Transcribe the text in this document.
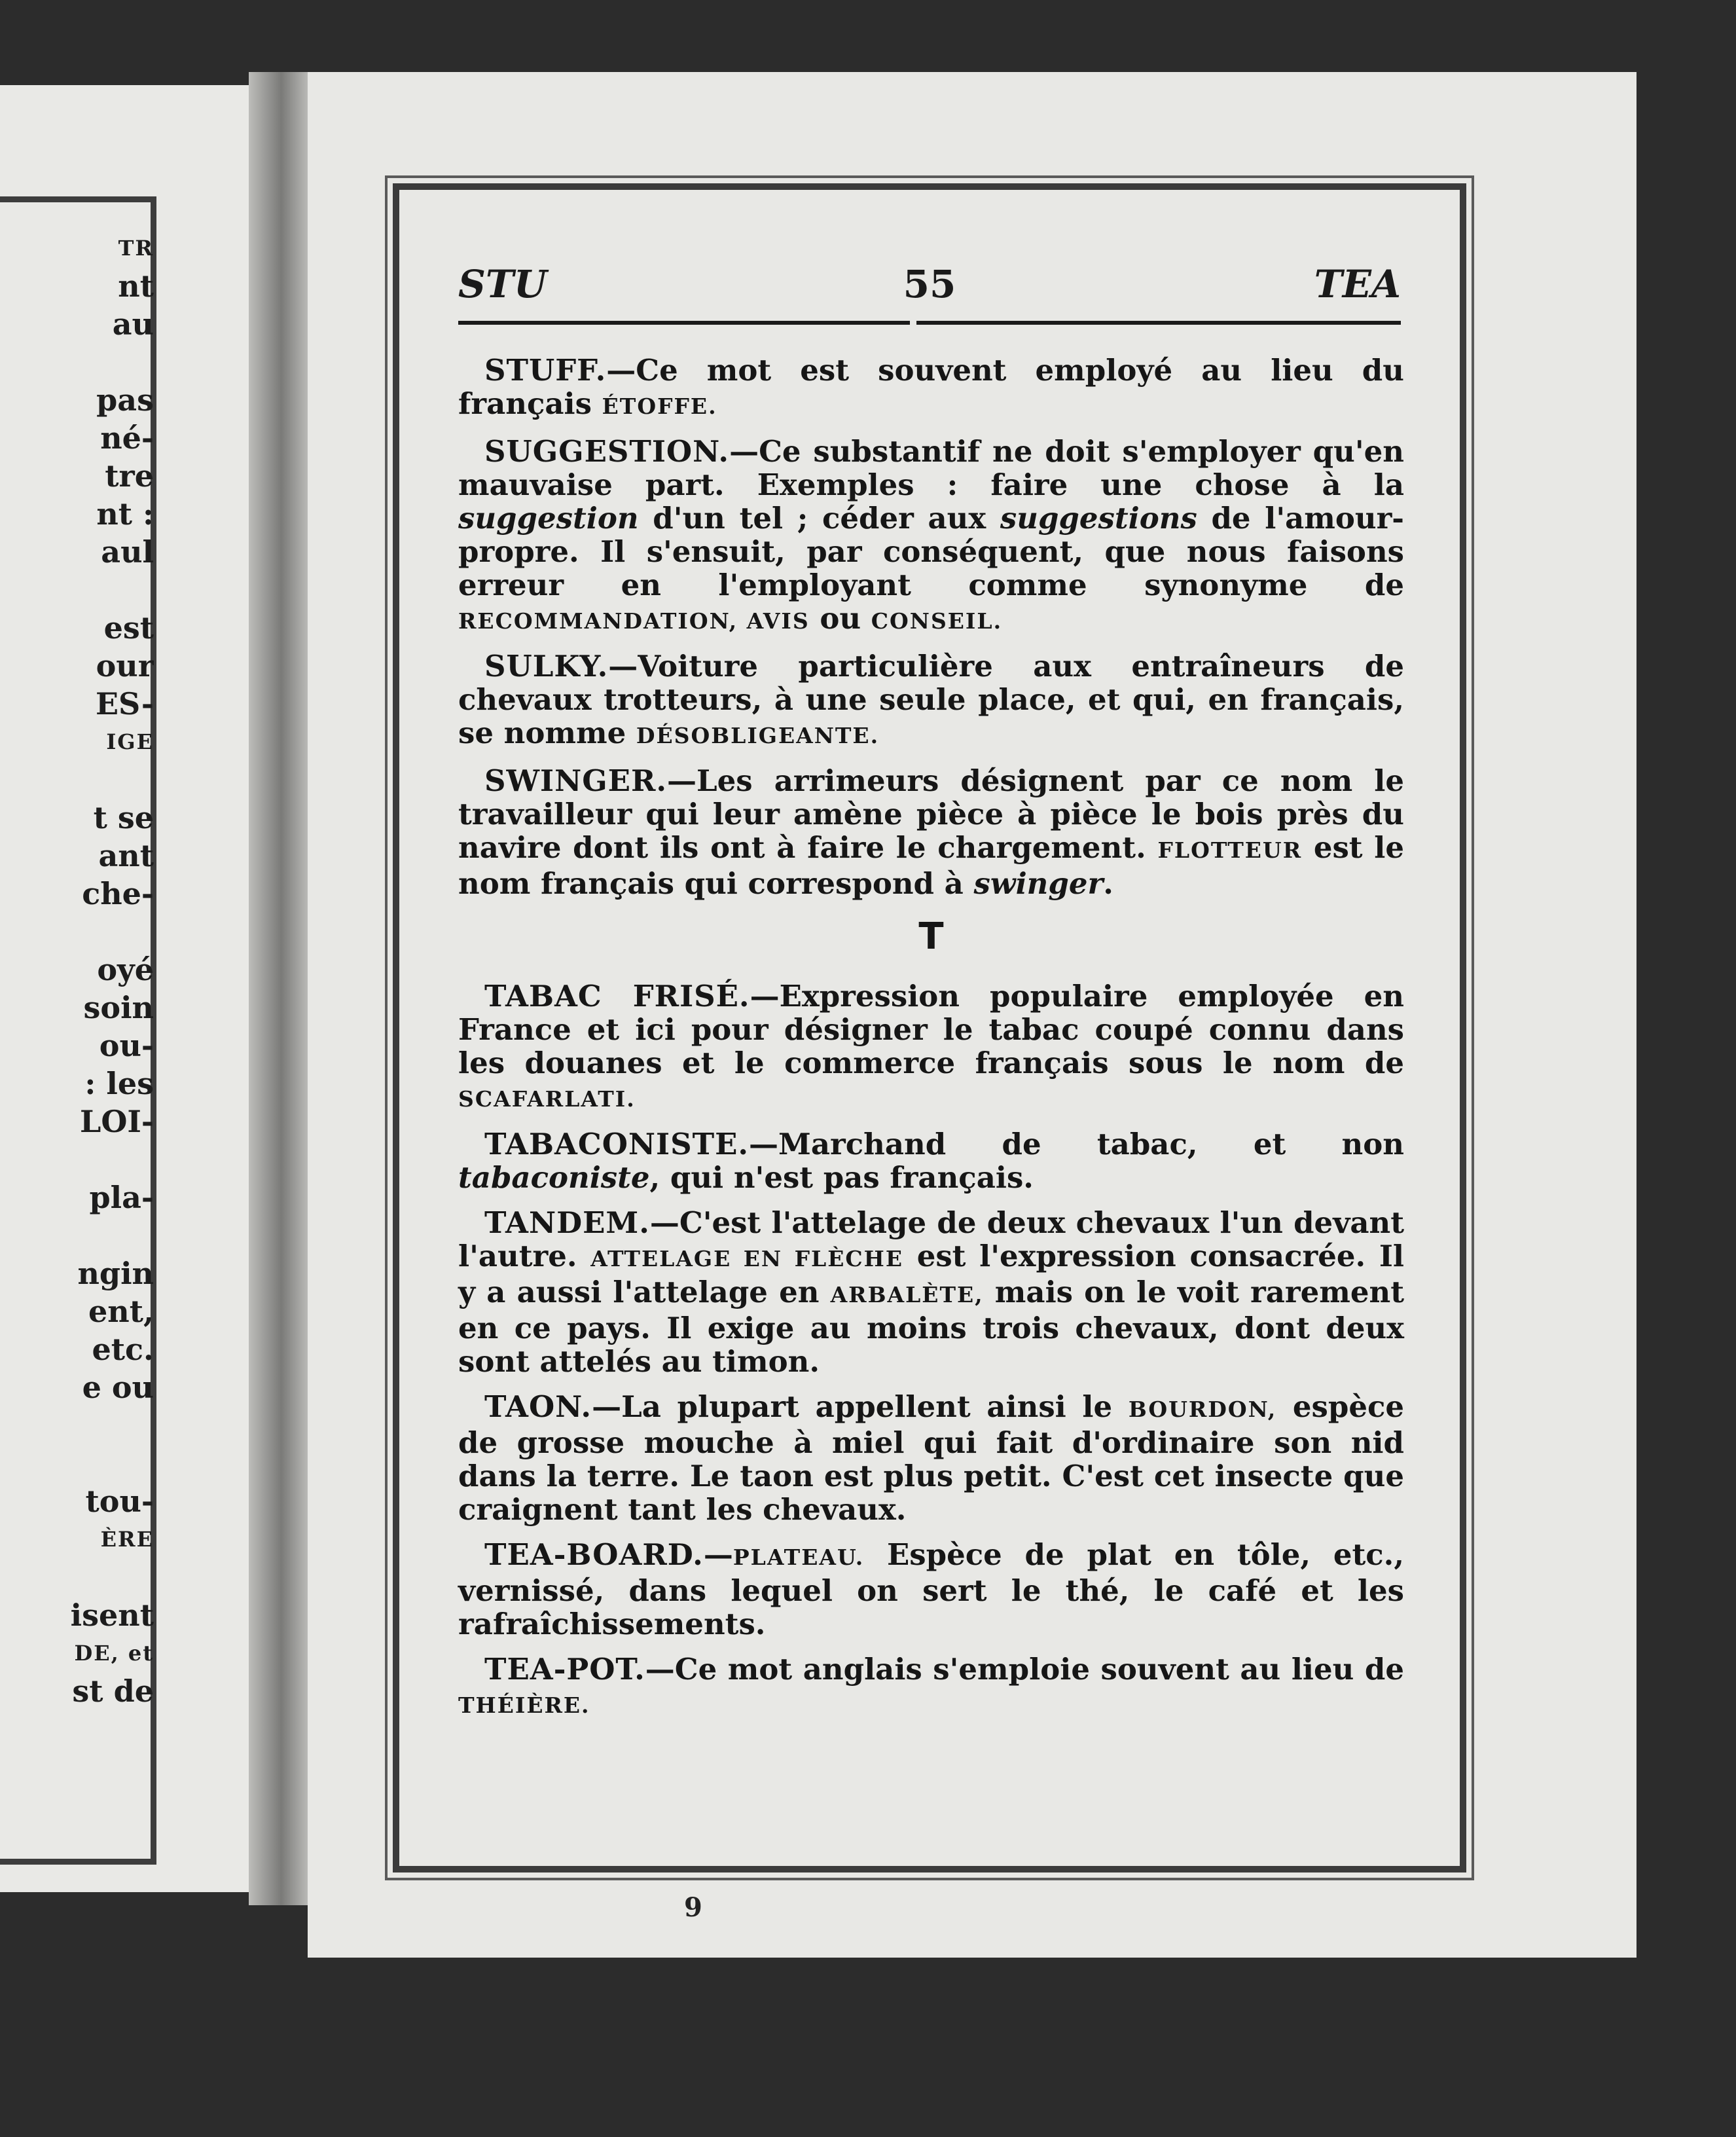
TR
nt
au
pas
né-
tre
nt :
aul
est
our
ES-
IGE
t se
ant
che-
oyé
soin
ou-
: les
LOI-
pla-
ngin
ent,
etc.
e ou
tou-
ÈRE
isent
DE, et
st de
STU	55	TEA

STUFF.—Ce mot est souvent employé au lieu du français ÉTOFFE.

SUGGESTION.—Ce substantif ne doit s'employer qu'en mauvaise part. Exemples : faire une chose à la suggestion d'un tel ; céder aux suggestions de l'amour-propre. Il s'ensuit, par conséquent, que nous faisons erreur en l'employant comme synonyme de RECOMMANDATION, AVIS ou CONSEIL.

SULKY.—Voiture particulière aux entraîneurs de chevaux trotteurs, à une seule place, et qui, en français, se nomme DÉSOBLIGEANTE.

SWINGER.—Les arrimeurs désignent par ce nom le travailleur qui leur amène pièce à pièce le bois près du navire dont ils ont à faire le chargement. FLOTTEUR est le nom français qui correspond à swinger.

T

TABAC FRISÉ.—Expression populaire employée en France et ici pour désigner le tabac coupé connu dans les douanes et le commerce français sous le nom de SCAFARLATI.

TABACONISTE.—Marchand de tabac, et non tabaconiste, qui n'est pas français.

TANDEM.—C'est l'attelage de deux chevaux l'un devant l'autre. ATTELAGE EN FLÈCHE est l'expression consacrée. Il y a aussi l'attelage en ARBALÈTE, mais on le voit rarement en ce pays. Il exige au moins trois chevaux, dont deux sont attelés au timon.

TAON.—La plupart appellent ainsi le BOURDON, espèce de grosse mouche à miel qui fait d'ordinaire son nid dans la terre. Le taon est plus petit. C'est cet insecte que craignent tant les chevaux.

TEA-BOARD.—PLATEAU. Espèce de plat en tôle, etc., vernissé, dans lequel on sert le thé, le café et les rafraîchissements.

TEA-POT.—Ce mot anglais s'emploie souvent au lieu de THÉIÈRE.

9
